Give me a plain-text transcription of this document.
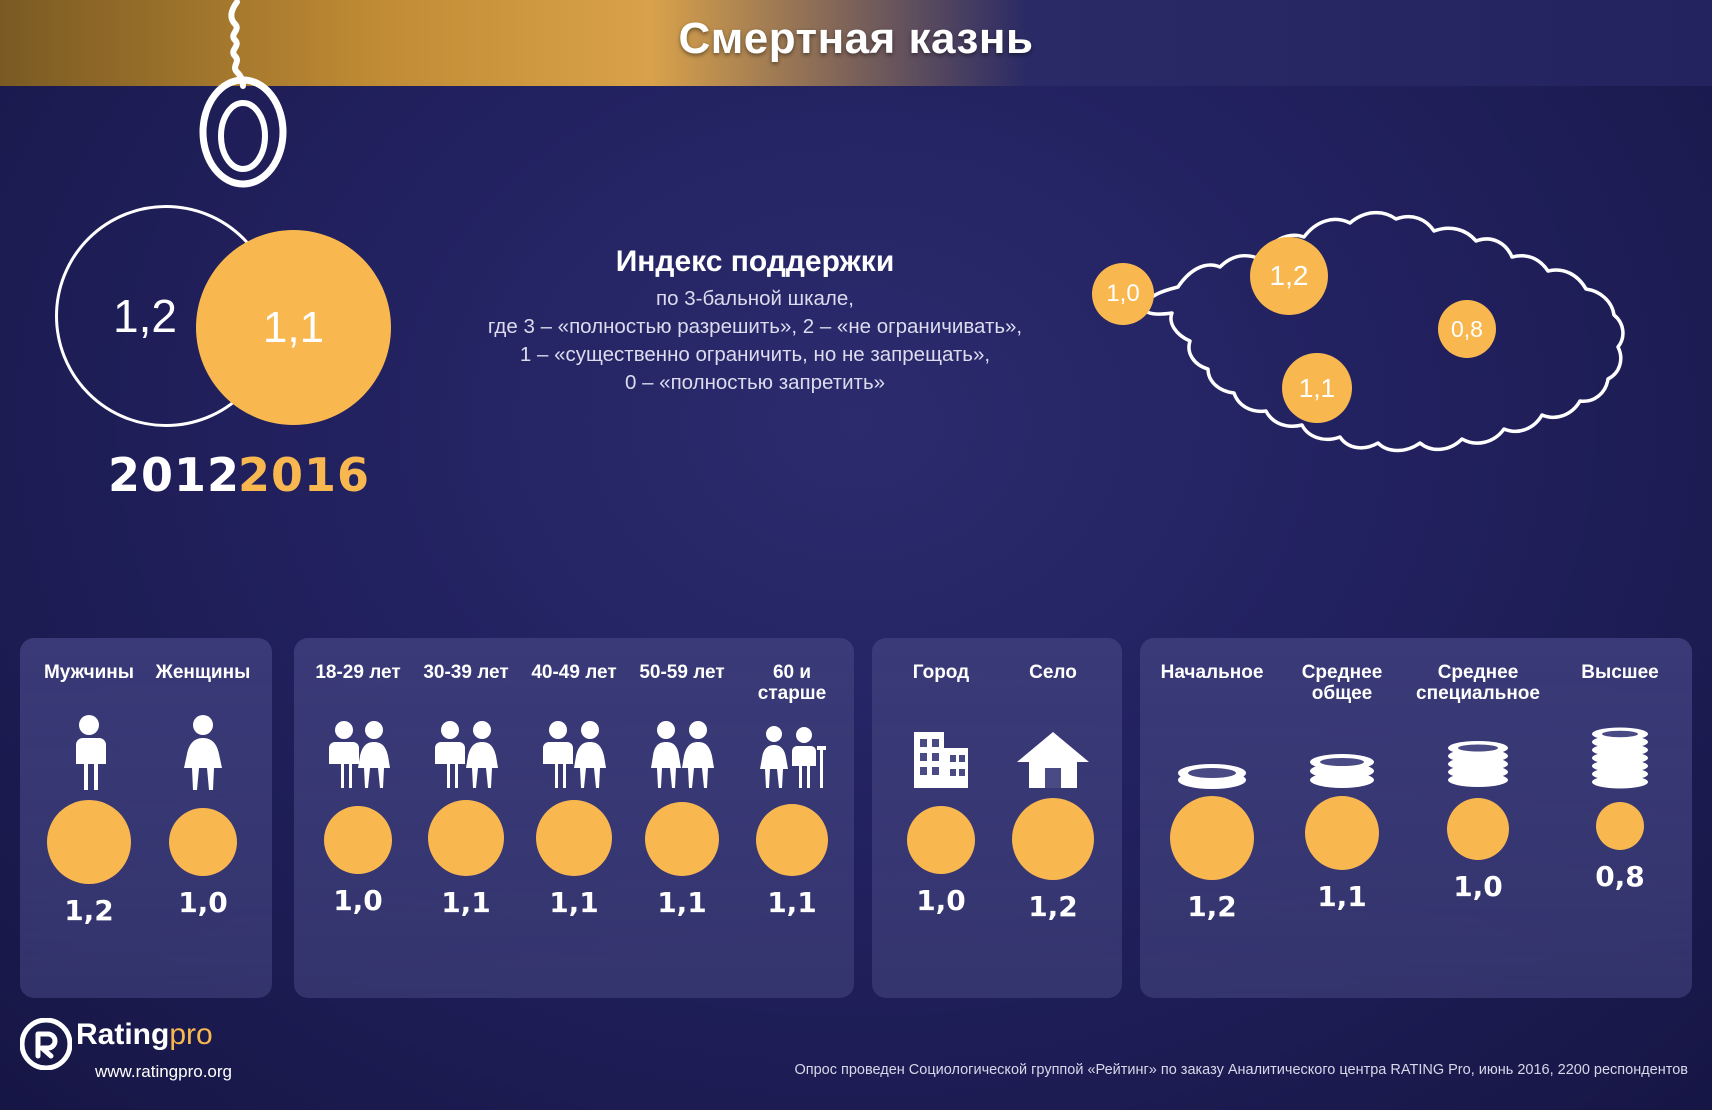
Смертная казнь
1,2 1,1
2012
2016
Индекс поддержки
по 3-бальной шкале,
где 3 – «полностью разрешить», 2 – «не ограничивать»,
1 – «существенно ограничить, но не запрещать»,
0 – «полностью запретить»
1,0
1,2
0,8
1,1
Мужчины
1,2
Женщины
1,0
18-29 лет
1,0
30-39 лет
1,1
40-49 лет
1,1
50-59 лет
1,1
60 и старше
1,1
Город
1,0
Село
1,2
Начальное
1,2
Среднее общее
1,1
Среднее специальное
1,0
Высшее
0,8
Ratingpro
www.ratingpro.org	Опрос проведен Социологической группой «Рейтинг» по заказу Аналитического центра RATING Pro, июнь 2016, 2200 респондентов
